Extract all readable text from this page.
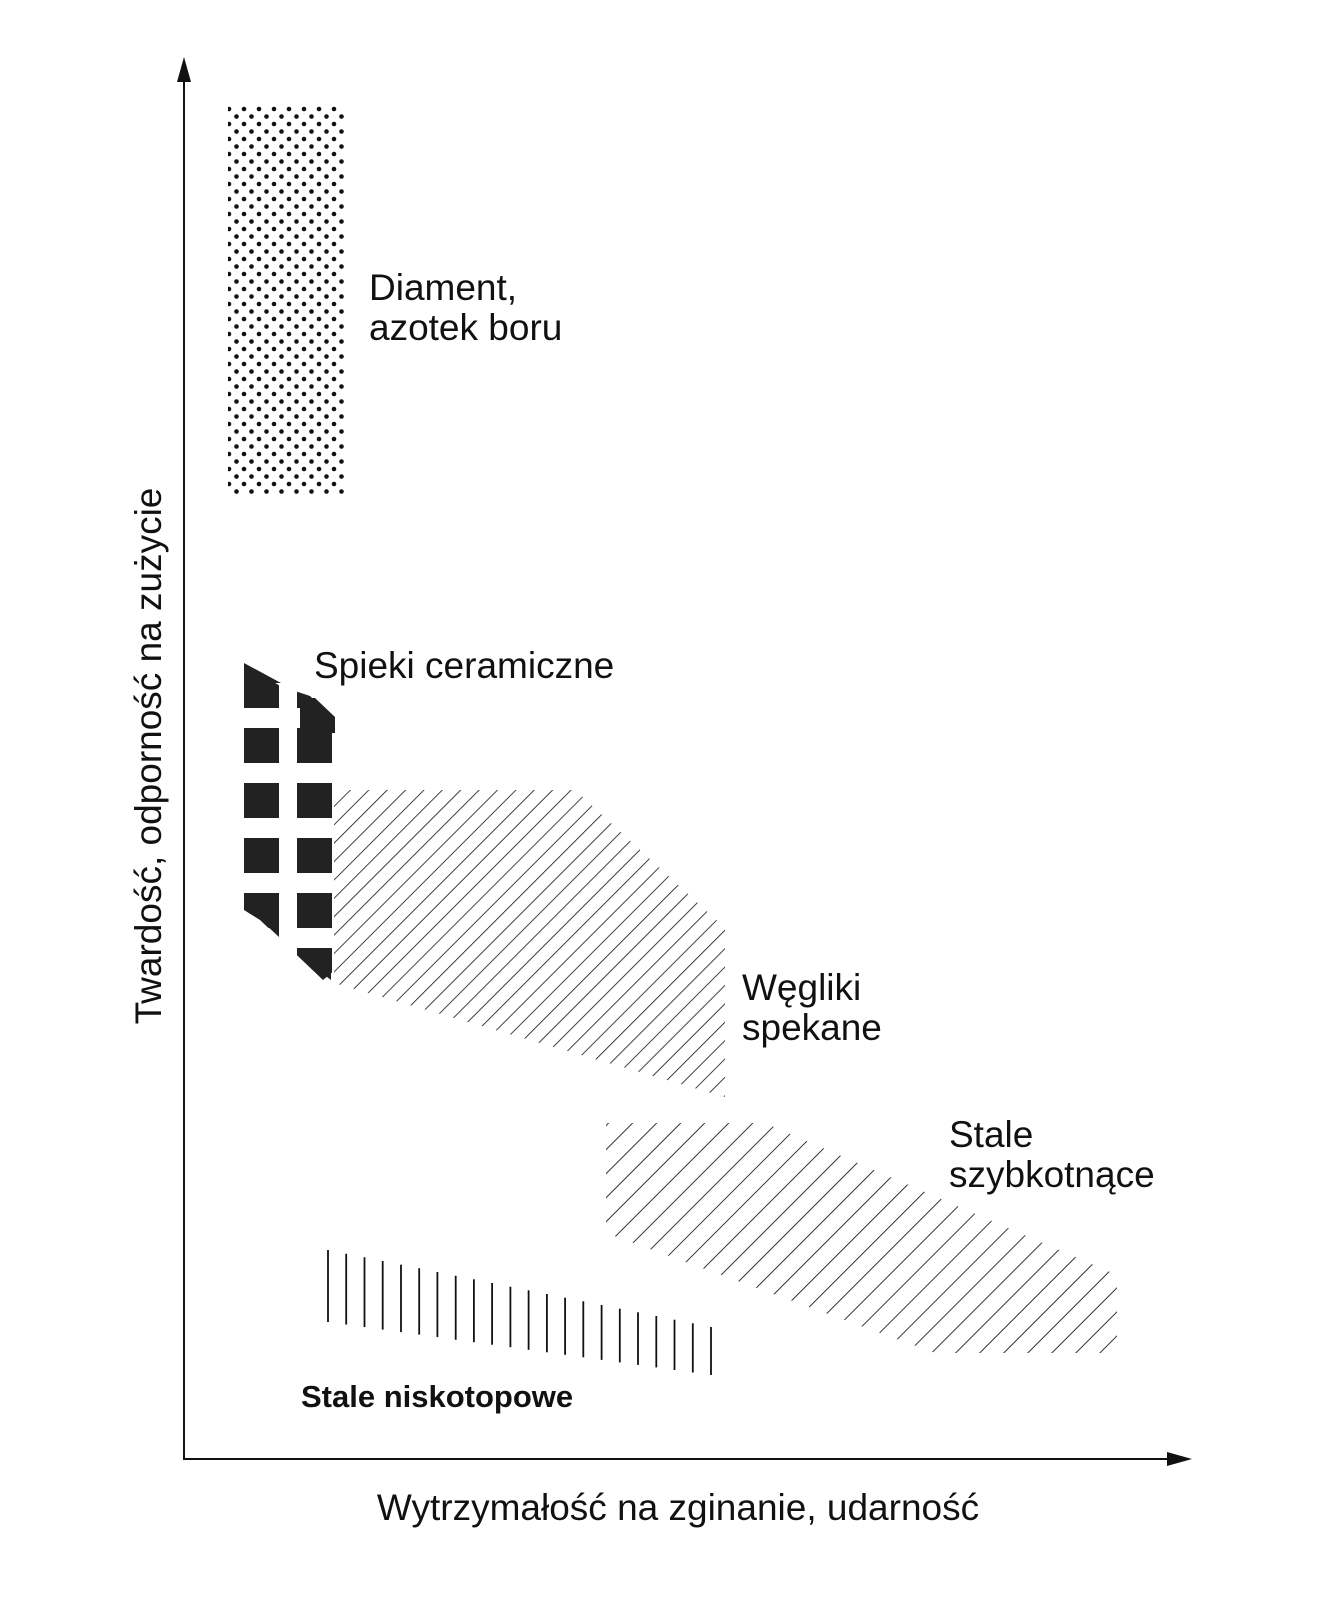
Diament,
azotek boru
Węgliki
spekane
Spieki ceramiczne
Stale
szybkotnące
Stale niskotopowe
Twardość, odporność na zużycie
Wytrzymałość na zginanie, udarność
